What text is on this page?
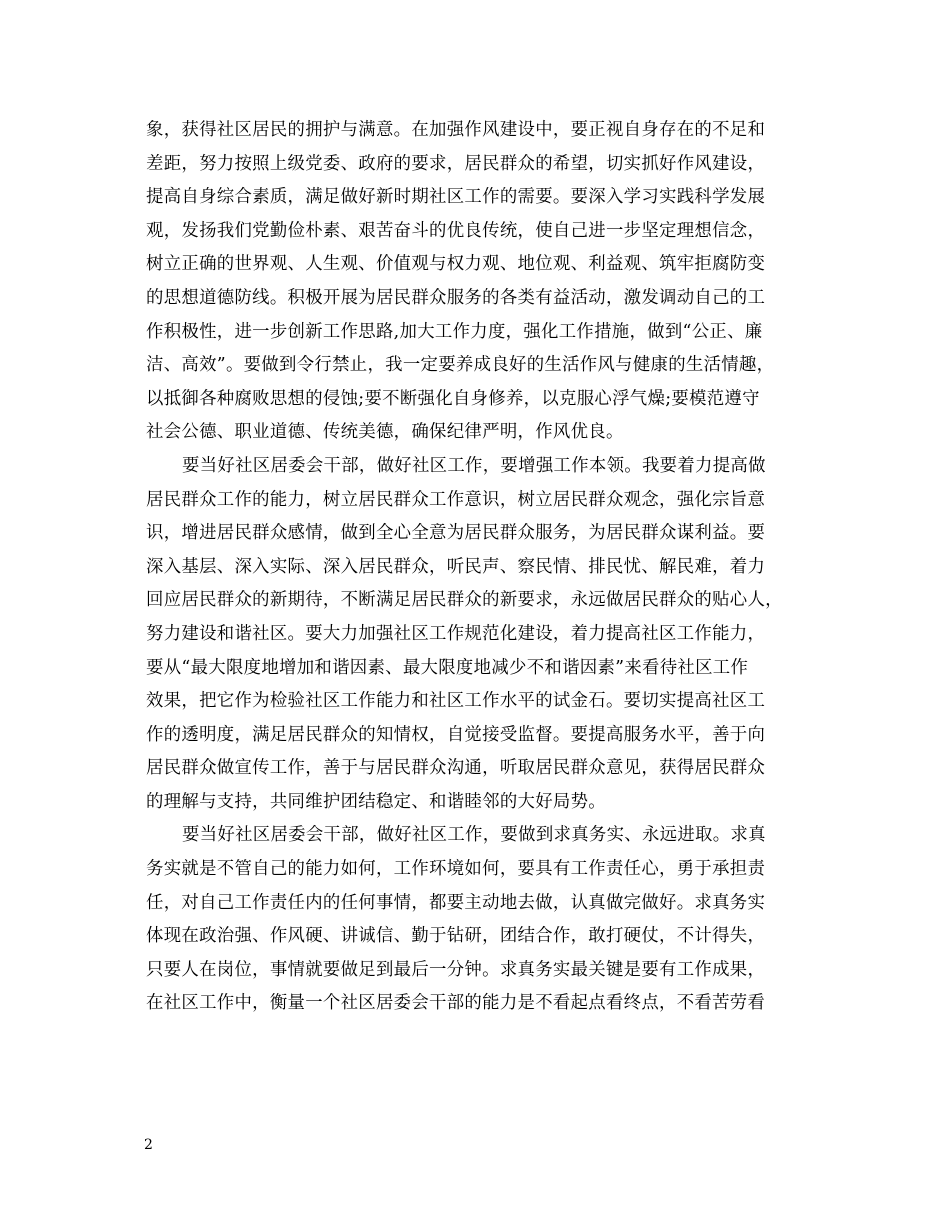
象，获得社区居民的拥护与满意。在加强作风建设中，要正视自身存在的不足和
差距，努力按照上级党委、政府的要求，居民群众的希望，切实抓好作风建设，
提高自身综合素质，满足做好新时期社区工作的需要。要深入学习实践科学发展
观，发扬我们党勤俭朴素、艰苦奋斗的优良传统，使自己进一步坚定理想信念，
树立正确的世界观、人生观、价值观与权力观、地位观、利益观、筑牢拒腐防变
的思想道德防线。积极开展为居民群众服务的各类有益活动，激发调动自己的工
作积极性，进一步创新工作思路,加大工作力度，强化工作措施，做到“公正、廉
洁、高效”。要做到令行禁止，我一定要养成良好的生活作风与健康的生活情趣，
以抵御各种腐败思想的侵蚀;要不断强化自身修养，以克服心浮气燥;要模范遵守
社会公德、职业道德、传统美德，确保纪律严明，作风优良。
要当好社区居委会干部，做好社区工作，要增强工作本领。我要着力提高做
居民群众工作的能力，树立居民群众工作意识，树立居民群众观念，强化宗旨意
识，增进居民群众感情，做到全心全意为居民群众服务，为居民群众谋利益。要
深入基层、深入实际、深入居民群众，听民声、察民情、排民忧、解民难，着力
回应居民群众的新期待，不断满足居民群众的新要求，永远做居民群众的贴心人，
努力建设和谐社区。要大力加强社区工作规范化建设，着力提高社区工作能力，
要从“最大限度地增加和谐因素、最大限度地减少不和谐因素”来看待社区工作
效果，把它作为检验社区工作能力和社区工作水平的试金石。要切实提高社区工
作的透明度，满足居民群众的知情权，自觉接受监督。要提高服务水平，善于向
居民群众做宣传工作，善于与居民群众沟通，听取居民群众意见，获得居民群众
的理解与支持，共同维护团结稳定、和谐睦邻的大好局势。
要当好社区居委会干部，做好社区工作，要做到求真务实、永远进取。求真
务实就是不管自己的能力如何，工作环境如何，要具有工作责任心，勇于承担责
任，对自己工作责任内的任何事情，都要主动地去做，认真做完做好。求真务实
体现在政治强、作风硬、讲诚信、勤于钻研，团结合作，敢打硬仗，不计得失，
只要人在岗位，事情就要做足到最后一分钟。求真务实最关键是要有工作成果，
在社区工作中，衡量一个社区居委会干部的能力是不看起点看终点，不看苦劳看
2
